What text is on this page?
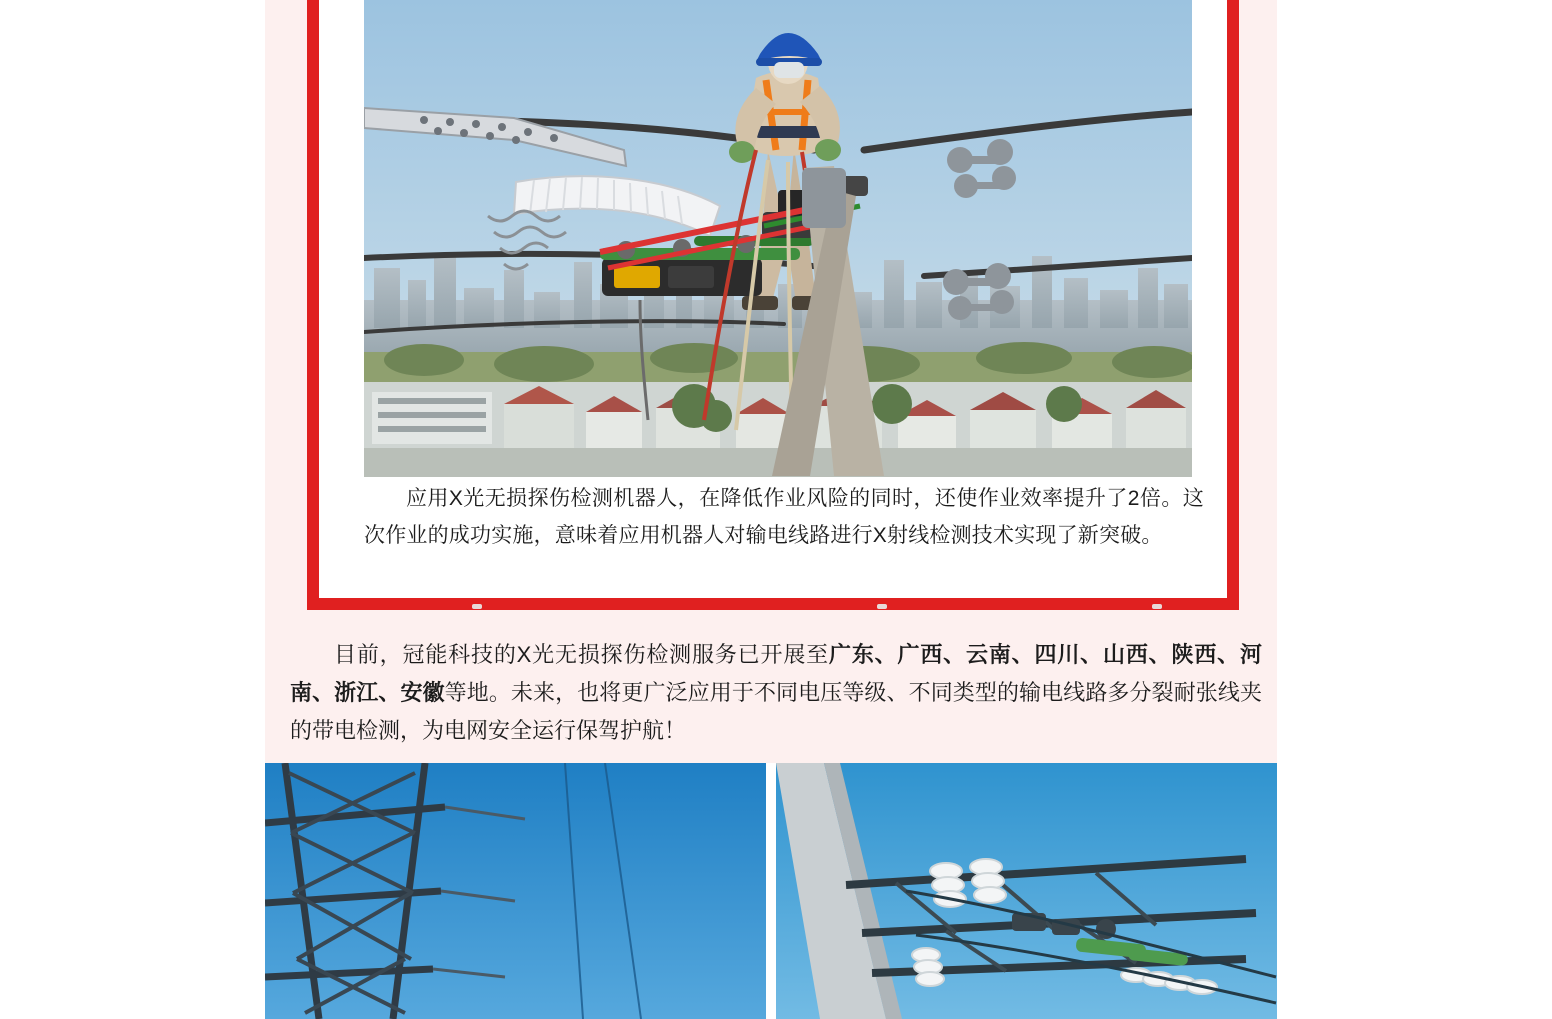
应用X光无损探伤检测机器人，在降低作业风险的同时，还使作业效率提升了2倍。这次作业的成功实施，意味着应用机器人对输电线路进行X射线检测技术实现了新突破。

目前，冠能科技的X光无损探伤检测服务已开展至广东、广西、云南、四川、山西、陕西、河南、浙江、安徽等地。未来，也将更广泛应用于不同电压等级、不同类型的输电线路多分裂耐张线夹的带电检测，为电网安全运行保驾护航！
